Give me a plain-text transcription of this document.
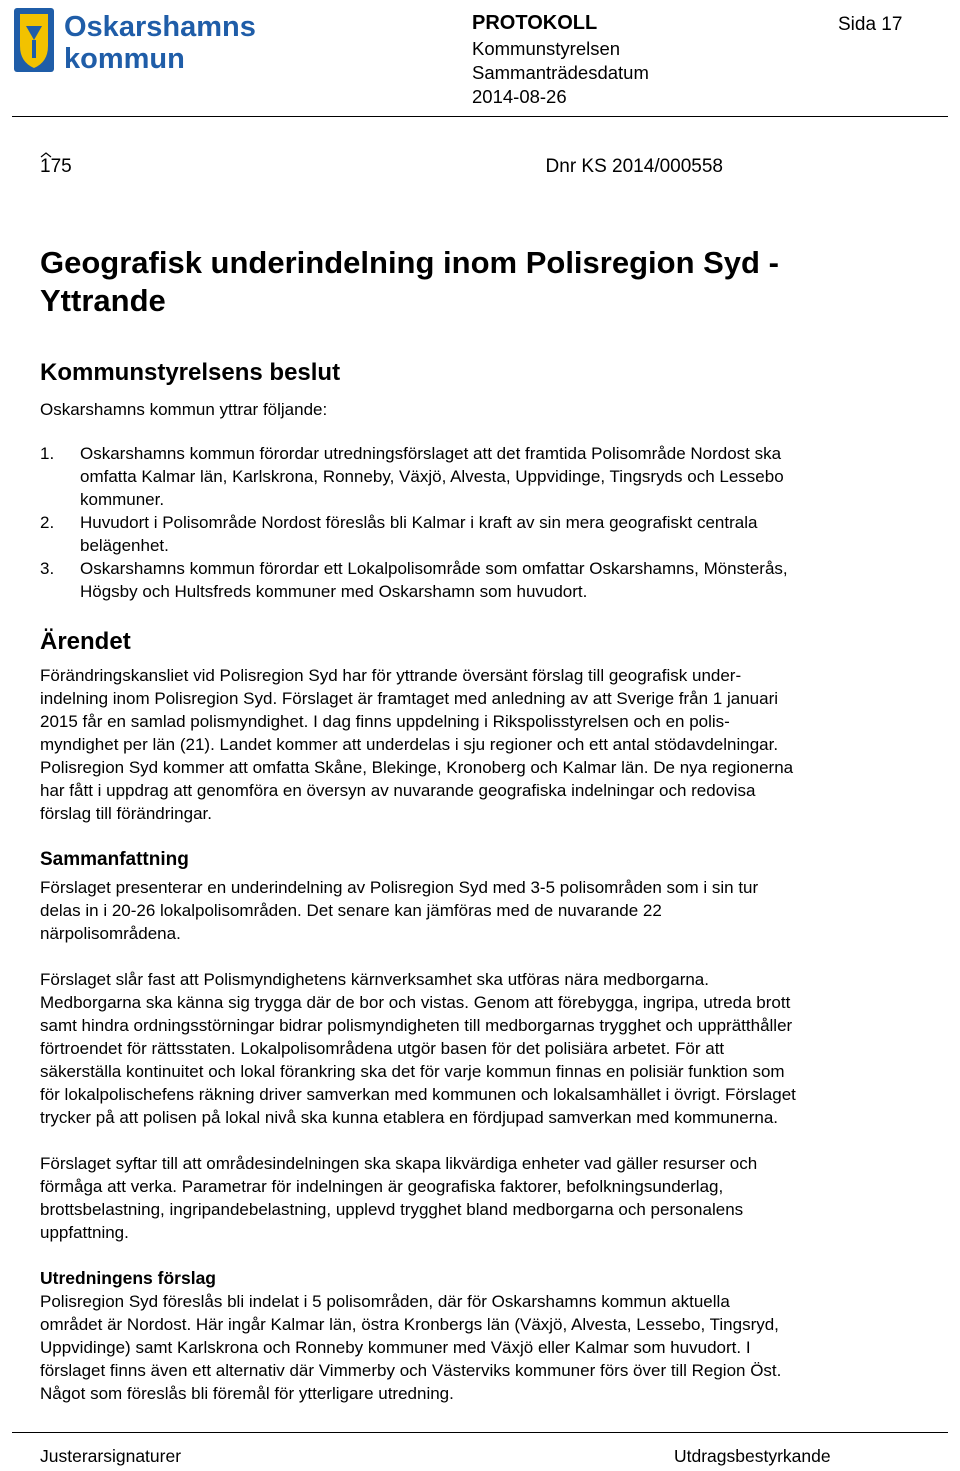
Oskarshamns
kommun
PROTOKOLL	Sida 17
Kommunstyrelsen
Sammanträdesdatum
2014-08-26
175	Dnr KS 2014/000558
Geografisk underindelning inom Polisregion Syd -
Yttrande
Kommunstyrelsens beslut
Oskarshamns kommun yttrar följande:
1. Oskarshamns kommun förordar utredningsförslaget att det framtida Polisområde Nordost ska
omfatta Kalmar län, Karlskrona, Ronneby, Växjö, Alvesta, Uppvidinge, Tingsryds och Lessebo
kommuner.
2. Huvudort i Polisområde Nordost föreslås bli Kalmar i kraft av sin mera geografiskt centrala
belägenhet.
3. Oskarshamns kommun förordar ett Lokalpolisområde som omfattar Oskarshamns, Mönsterås,
Högsby och Hultsfreds kommuner med Oskarshamn som huvudort.
Ärendet
Förändringskansliet vid Polisregion Syd har för yttrande översänt förslag till geografisk under-
indelning inom Polisregion Syd. Förslaget är framtaget med anledning av att Sverige från 1 januari
2015 får en samlad polismyndighet. I dag finns uppdelning i Rikspolisstyrelsen och en polis-
myndighet per län (21). Landet kommer att underdelas i sju regioner och ett antal stödavdelningar.
Polisregion Syd kommer att omfatta Skåne, Blekinge, Kronoberg och Kalmar län. De nya regionerna
har fått i uppdrag att genomföra en översyn av nuvarande geografiska indelningar och redovisa
förslag till förändringar.
Sammanfattning
Förslaget presenterar en underindelning av Polisregion Syd med 3-5 polisområden som i sin tur
delas in i 20-26 lokalpolisområden. Det senare kan jämföras med de nuvarande 22
närpolisområdena.
Förslaget slår fast att Polismyndighetens kärnverksamhet ska utföras nära medborgarna.
Medborgarna ska känna sig trygga där de bor och vistas. Genom att förebygga, ingripa, utreda brott
samt hindra ordningsstörningar bidrar polismyndigheten till medborgarnas trygghet och upprätthåller
förtroendet för rättsstaten. Lokalpolisområdena utgör basen för det polisiära arbetet. För att
säkerställa kontinuitet och lokal förankring ska det för varje kommun finnas en polisiär funktion som
för lokalpolischefens räkning driver samverkan med kommunen och lokalsamhället i övrigt. Förslaget
trycker på att polisen på lokal nivå ska kunna etablera en fördjupad samverkan med kommunerna.
Förslaget syftar till att områdesindelningen ska skapa likvärdiga enheter vad gäller resurser och
förmåga att verka. Parametrar för indelningen är geografiska faktorer, befolkningsunderlag,
brottsbelastning, ingripandebelastning, upplevd trygghet bland medborgarna och personalens
uppfattning.
Utredningens förslag
Polisregion Syd föreslås bli indelat i 5 polisområden, där för Oskarshamns kommun aktuella
området är Nordost. Här ingår Kalmar län, östra Kronbergs län (Växjö, Alvesta, Lessebo, Tingsryd,
Uppvidinge) samt Karlskrona och Ronneby kommuner med Växjö eller Kalmar som huvudort. I
förslaget finns även ett alternativ där Vimmerby och Västerviks kommuner förs över till Region Öst.
Något som föreslås bli föremål för ytterligare utredning.
Justerarsignaturer	Utdragsbestyrkande
